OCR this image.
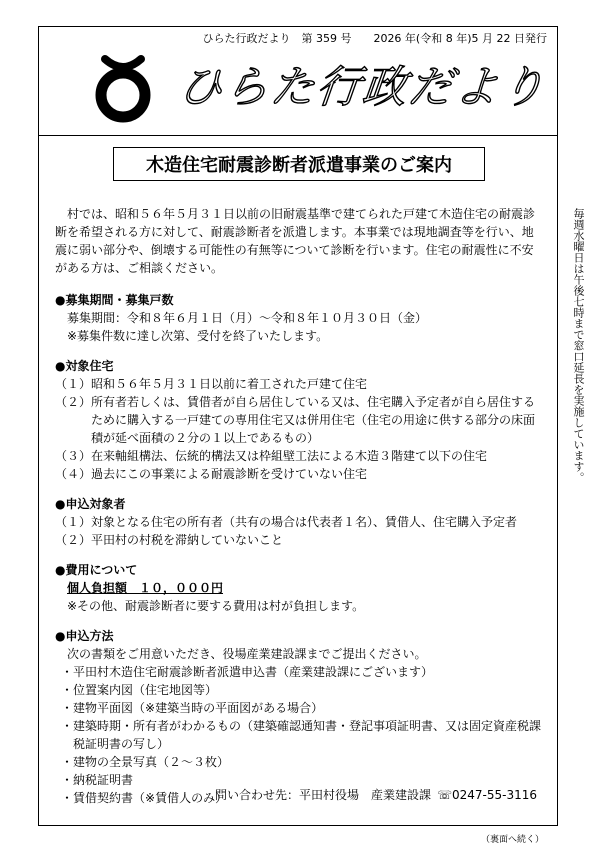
ひらた行政だより　第 359 号　　2026 年(令和 8 年)5 月 22 日発行
ひらた行政だより
木造住宅耐震診断者派遣事業のご案内

村では、昭和５６年５月３１日以前の旧耐震基準で建てられた戸建て木造住宅の耐震診断を希望される方に対して、耐震診断者を派遣します。本事業では現地調査等を行い、地震に弱い部分や、倒壊する可能性の有無等について診断を行います。住宅の耐震性に不安がある方は、ご相談ください。

●募集期間・募集戸数

募集期間：令和８年６月１日（月）～令和８年１０月３０日（金）

※募集件数に達し次第、受付を終了いたします。

●対象住宅
（１） 昭和５６年５月３１日以前に着工された戸建て住宅
（２） 所有者若しくは、賃借者が自ら居住している又は、住宅購入予定者が自ら居住するために購入する一戸建ての専用住宅又は併用住宅（住宅の用途に供する部分の床面積が延べ面積の２分の１以上であるもの）
（３） 在来軸組構法、伝統的構法又は枠組壁工法による木造３階建て以下の住宅
（４） 過去にこの事業による耐震診断を受けていない住宅
●申込対象者
（１） 対象となる住宅の所有者（共有の場合は代表者１名）、賃借人、住宅購入予定者
（２） 平田村の村税を滞納していないこと
●費用について
個人負担額　１０，０００円

※その他、耐震診断者に要する費用は村が負担します。

●申込方法

次の書類をご用意いただき、役場産業建設課までご提出ください。

・ 平田村木造住宅耐震診断者派遣申込書（産業建設課にございます）
・ 位置案内図（住宅地図等）
・ 建物平面図（※建築当時の平面図がある場合）
・ 建築時期・所有者がわかるもの（建築確認通知書・登記事項証明書、又は固定資産税課税証明書の写し）
・ 建物の全景写真（２～３枚）
・ 納税証明書
・ 賃借契約書（※賃借人のみ）
問い合わせ先：平田村役場　産業建設課 ☏0247-55-3116
毎週水曜日は午後七時まで窓口延長を実施しています。
（裏面へ続く）
